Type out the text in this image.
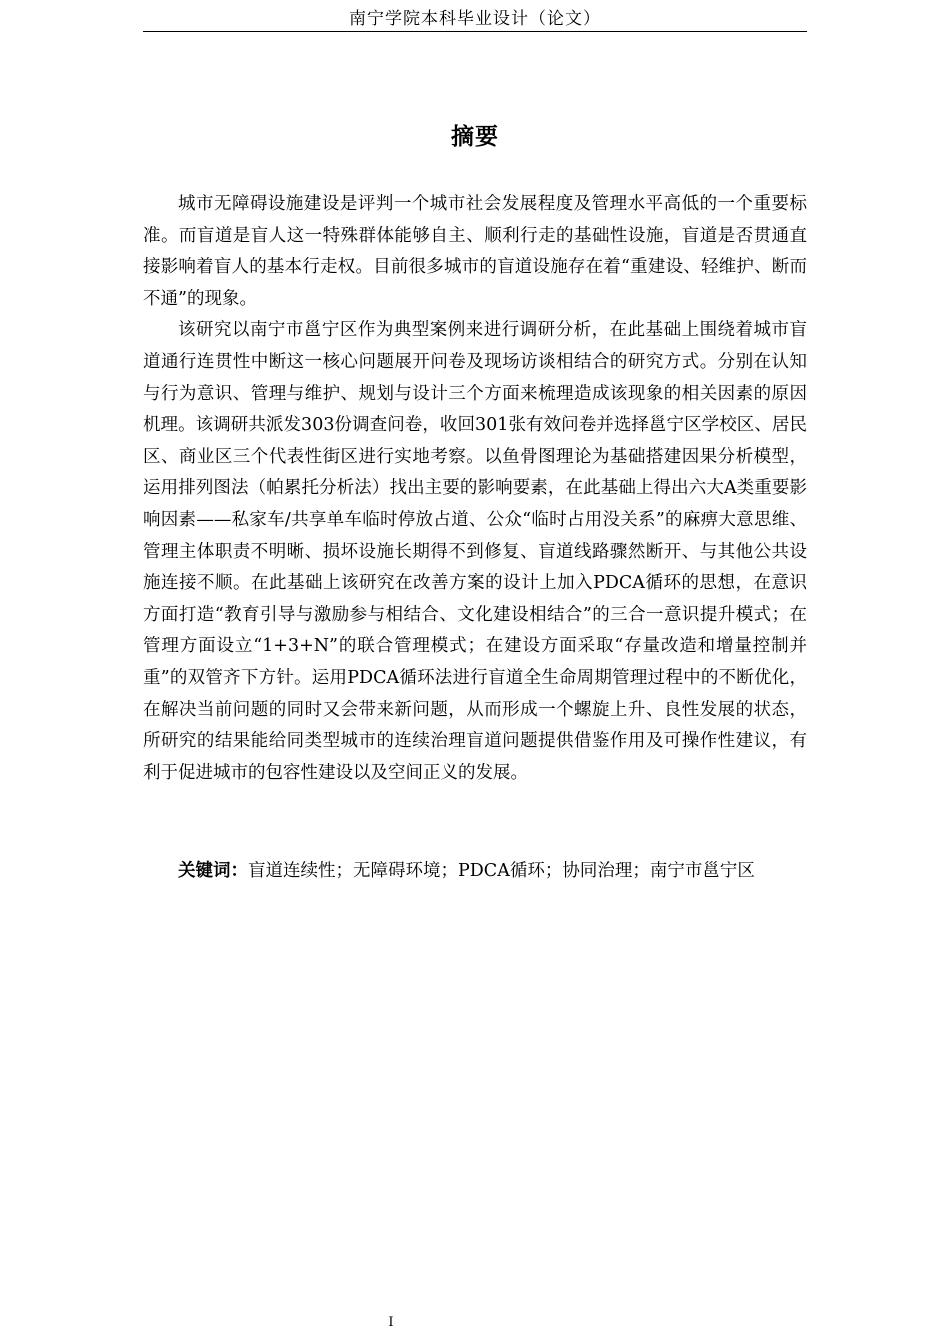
南宁学院本科毕业设计（论文）
摘要

城市无障碍设施建设是评判一个城市社会发展程度及管理水平高低的一个重要标准。而盲道是盲人这一特殊群体能够自主、顺利行走的基础性设施，盲道是否贯通直接影响着盲人的基本行走权。目前很多城市的盲道设施存在着“重建设、轻维护、断而不通”的现象。

该研究以南宁市邕宁区作为典型案例来进行调研分析，在此基础上围绕着城市盲道通行连贯性中断这一核心问题展开问卷及现场访谈相结合的研究方式。分别在认知与行为意识、管理与维护、规划与设计三个方面来梳理造成该现象的相关因素的原因机理。该调研共派发303份调查问卷，收回301张有效问卷并选择邕宁区学校区、居民区、商业区三个代表性街区进行实地考察。以鱼骨图理论为基础搭建因果分析模型，运用排列图法（帕累托分析法）找出主要的影响要素，在此基础上得出六大A类重要影响因素——私家车/共享单车临时停放占道、公众“临时占用没关系”的麻痹大意思维、管理主体职责不明晰、损坏设施长期得不到修复、盲道线路骤然断开、与其他公共设施连接不顺。在此基础上该研究在改善方案的设计上加入PDCA循环的思想，在意识方面打造“教育引导与激励参与相结合、文化建设相结合”的三合一意识提升模式；在管理方面设立“1+3+N”的联合管理模式；在建设方面采取“存量改造和增量控制并重”的双管齐下方针。运用PDCA循环法进行盲道全生命周期管理过程中的不断优化，在解决当前问题的同时又会带来新问题，从而形成一个螺旋上升、良性发展的状态，所研究的结果能给同类型城市的连续治理盲道问题提供借鉴作用及可操作性建议，有利于促进城市的包容性建设以及空间正义的发展。

关键词：盲道连续性；无障碍环境；PDCA循环；协同治理；南宁市邕宁区
I
